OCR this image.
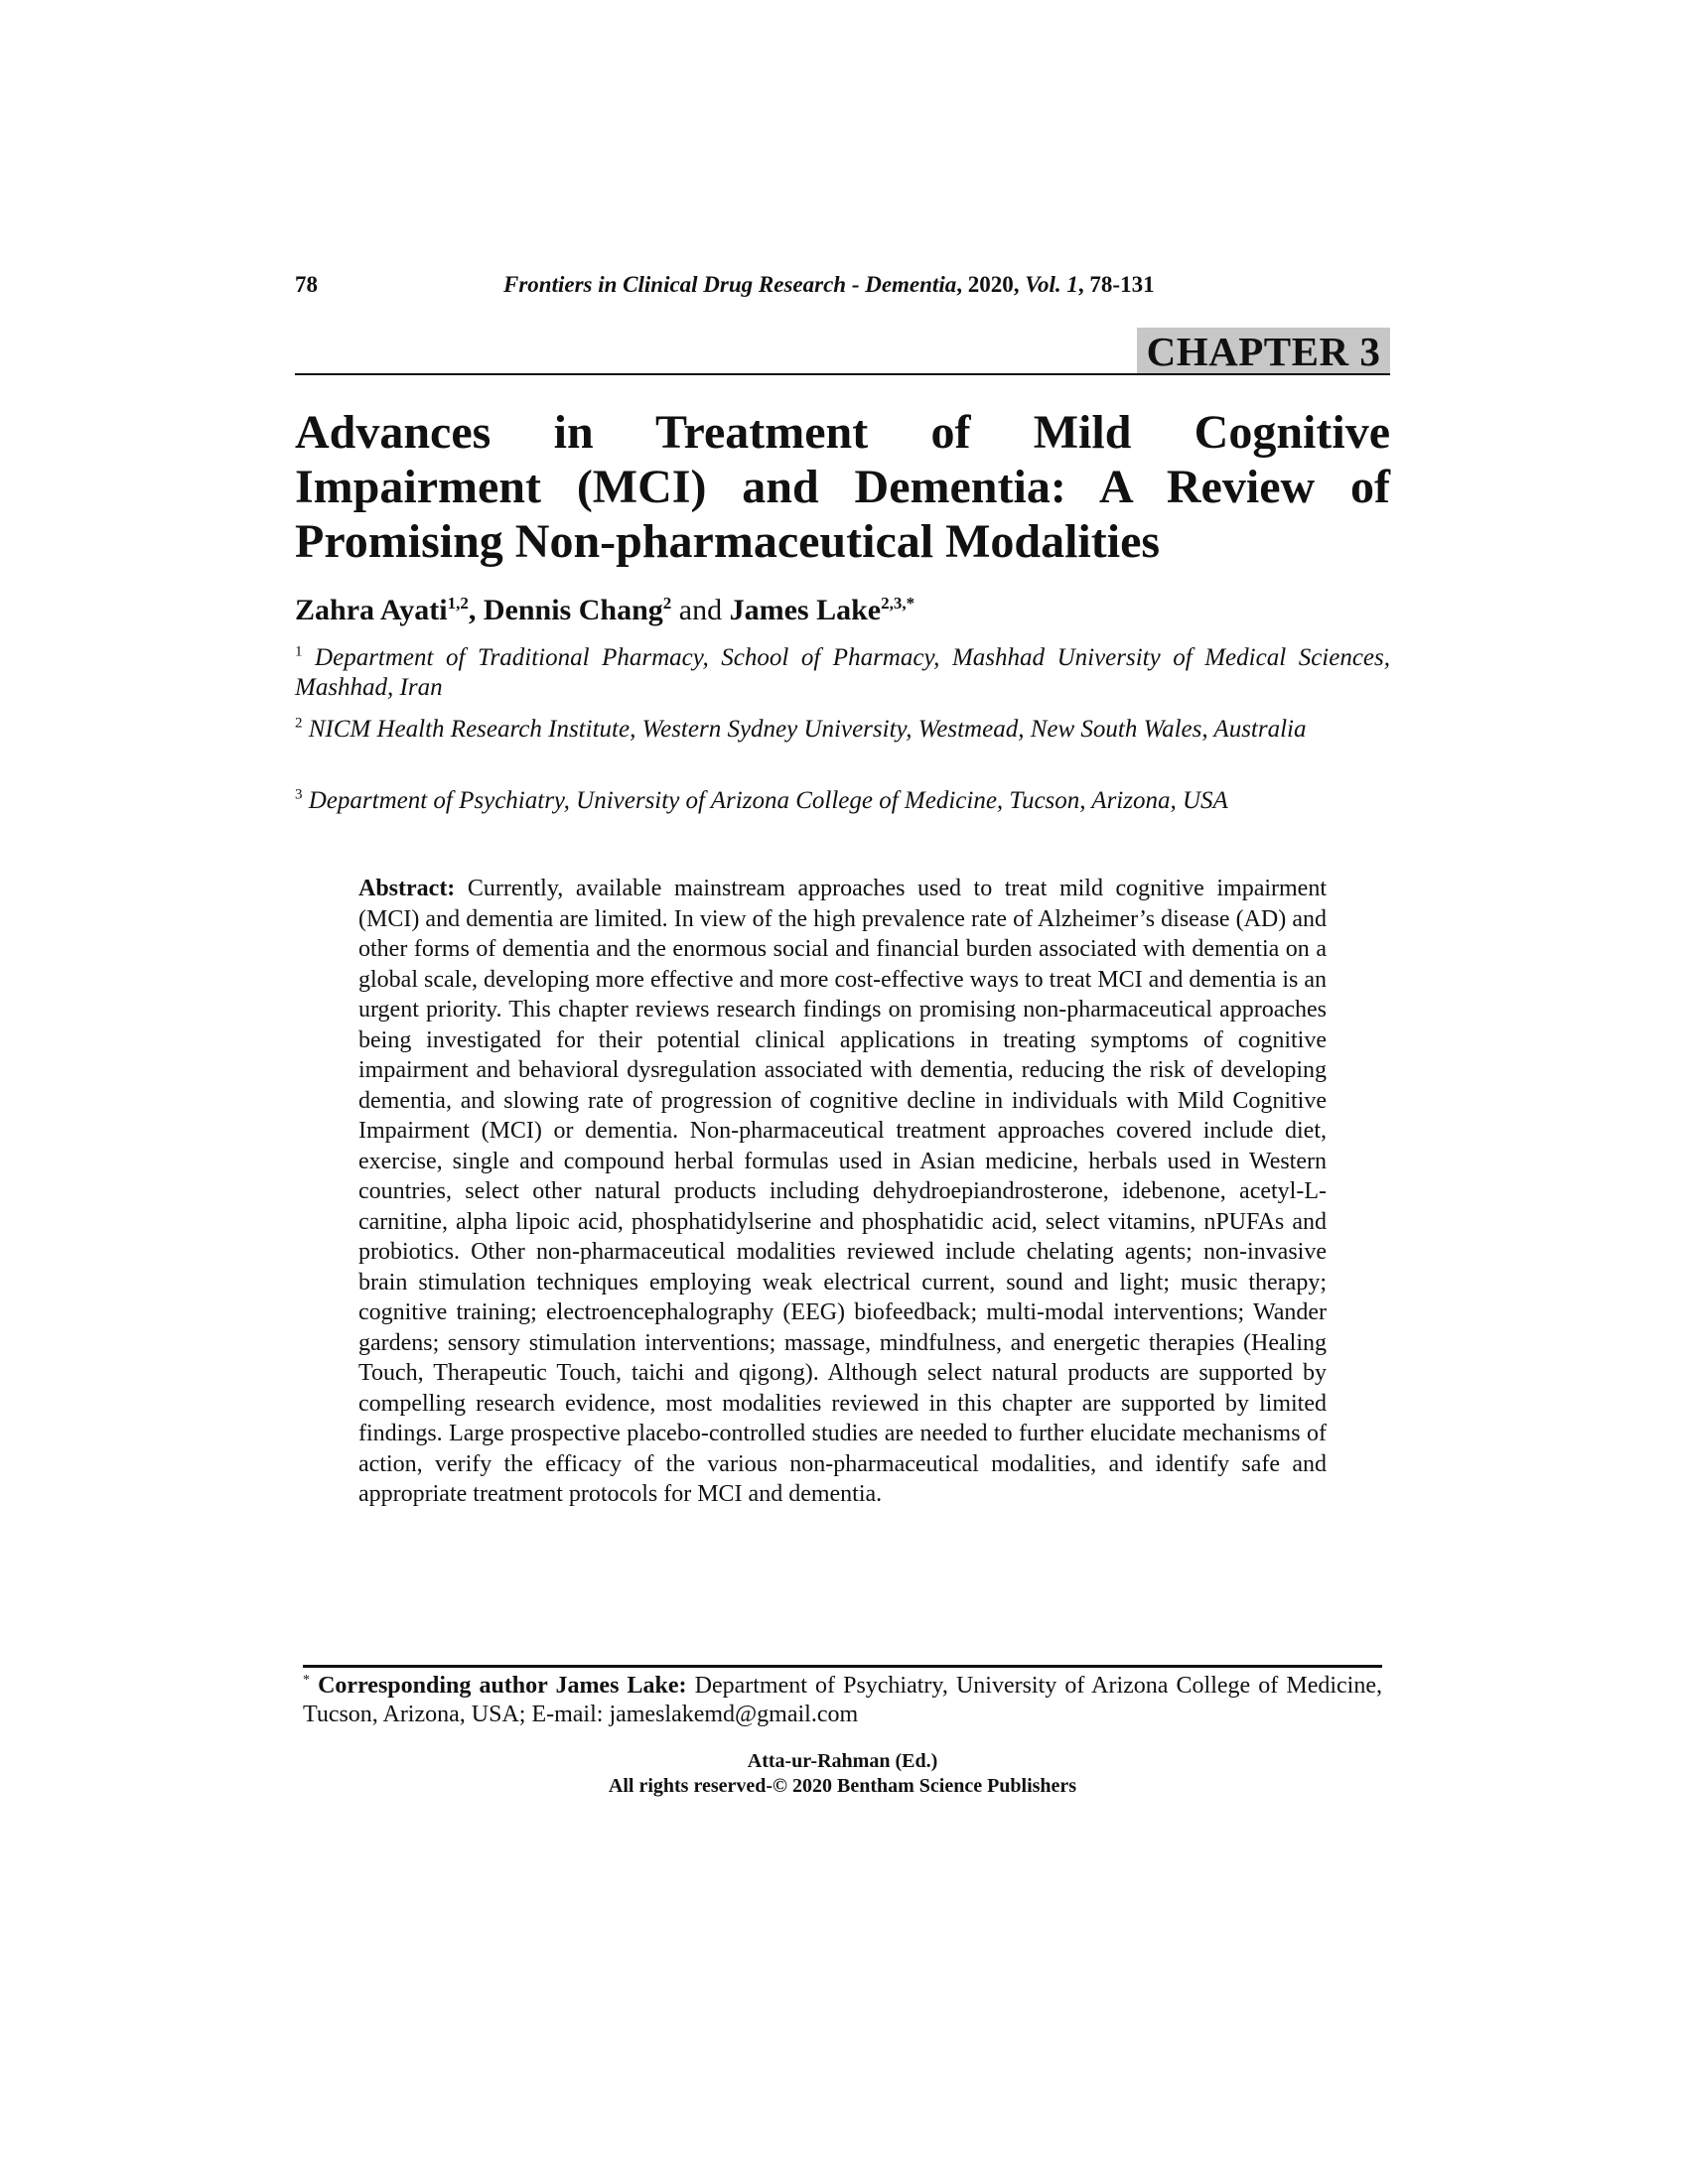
78	Frontiers in Clinical Drug Research - Dementia, 2020, Vol. 1, 78-131
CHAPTER 3
Advances in Treatment of Mild Cognitive
Impairment (MCI) and Dementia: A Review of
Promising Non-pharmaceutical Modalities
Zahra Ayati$^{1,2}$, Dennis Chang$^2$ and James Lake$^{2,3,*}$
$^1$ Department of Traditional Pharmacy, School of Pharmacy, Mashhad University of Medical Sciences, Mashhad, Iran
$^2$ NICM Health Research Institute, Western Sydney University, Westmead, New South Wales, Australia
$^3$ Department of Psychiatry, University of Arizona College of Medicine, Tucson, Arizona, USA

Abstract: Currently, available mainstream approaches used to treat mild cognitive impairment (MCI) and dementia are limited. In view of the high prevalence rate of Alzheimer’s disease (AD) and other forms of dementia and the enormous social and financial burden associated with dementia on a global scale, developing more effective and more cost-effective ways to treat MCI and dementia is an urgent priority. This chapter reviews research findings on promising non-pharmaceutical approaches being investigated for their potential clinical applications in treating symptoms of cognitive impairment and behavioral dysregulation associated with dementia, reducing the risk of developing dementia, and slowing rate of progression of cognitive decline in individuals with Mild Cognitive Impairment (MCI) or dementia. Non-pharmaceutical treatment approaches covered include diet, exercise, single and compound herbal formulas used in Asian medicine, herbals used in Western countries, select other natural products including dehydroepiandrosterone, idebenone, acetyl-L-carnitine, alpha lipoic acid, phosphatidylserine and phosphatidic acid, select vitamins, nPUFAs and probiotics. Other non-pharmaceutical modalities reviewed include chelating agents; non-invasive brain stimulation techniques employing weak electrical current, sound and light; music therapy; cognitive training; electroencephalography (EEG) biofeedback; multi-modal interventions; Wander gardens; sensory stimulation interventions; massage, mindfulness, and energetic therapies (Healing Touch, Therapeutic Touch, taichi and qigong). Although select natural products are supported by compelling research evidence, most modalities reviewed in this chapter are supported by limited findings. Large prospective placebo-controlled studies are needed to further elucidate mechanisms of action, verify the efficacy of the various non-pharmaceutical modalities, and identify safe and appropriate treatment protocols for MCI and dementia.

* Corresponding author James Lake: Department of Psychiatry, University of Arizona College of Medicine, Tucson, Arizona, USA; E-mail: jameslakemd@gmail.com
Atta-ur-Rahman (Ed.)
All rights reserved-© 2020 Bentham Science Publishers
